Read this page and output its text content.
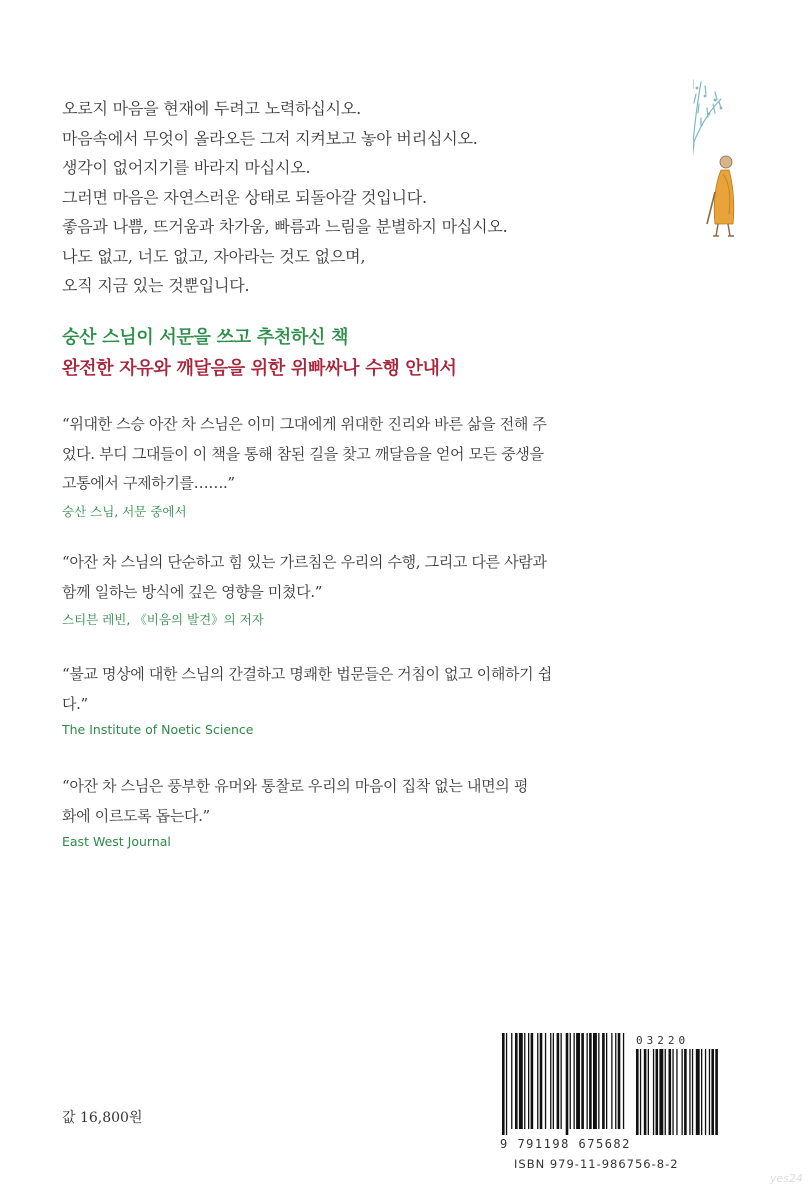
오로지 마음을 현재에 두려고 노력하십시오.
마음속에서 무엇이 올라오든 그저 지켜보고 놓아 버리십시오.
생각이 없어지기를 바라지 마십시오.
그러면 마음은 자연스러운 상태로 되돌아갈 것입니다.
좋음과 나쁨, 뜨거움과 차가움, 빠름과 느림을 분별하지 마십시오.
나도 없고, 너도 없고, 자아라는 것도 없으며,
오직 지금 있는 것뿐입니다.
숭산 스님이 서문을 쓰고 추천하신 책
완전한 자유와 깨달음을 위한 위빠싸나 수행 안내서
“위대한 스승 아잔 차 스님은 이미 그대에게 위대한 진리와 바른 삶을 전해 주
었다. 부디 그대들이 이 책을 통해 참된 길을 찾고 깨달음을 얻어 모든 중생을
고통에서 구제하기를…….”
숭산 스님, 서문 중에서
“아잔 차 스님의 단순하고 힘 있는 가르침은 우리의 수행, 그리고 다른 사람과
함께 일하는 방식에 깊은 영향을 미쳤다.”
스티븐 레빈, 《비움의 발견》의 저자
“불교 명상에 대한 스님의 간결하고 명쾌한 법문들은 거침이 없고 이해하기 쉽
다.”
The Institute of Noetic Science
“아잔 차 스님은 풍부한 유머와 통찰로 우리의 마음이 집착 없는 내면의 평
화에 이르도록 돕는다.”
East West Journal
값 16,800원
03220
9 791198 675682
ISBN 979-11-986756-8-2
yes24
